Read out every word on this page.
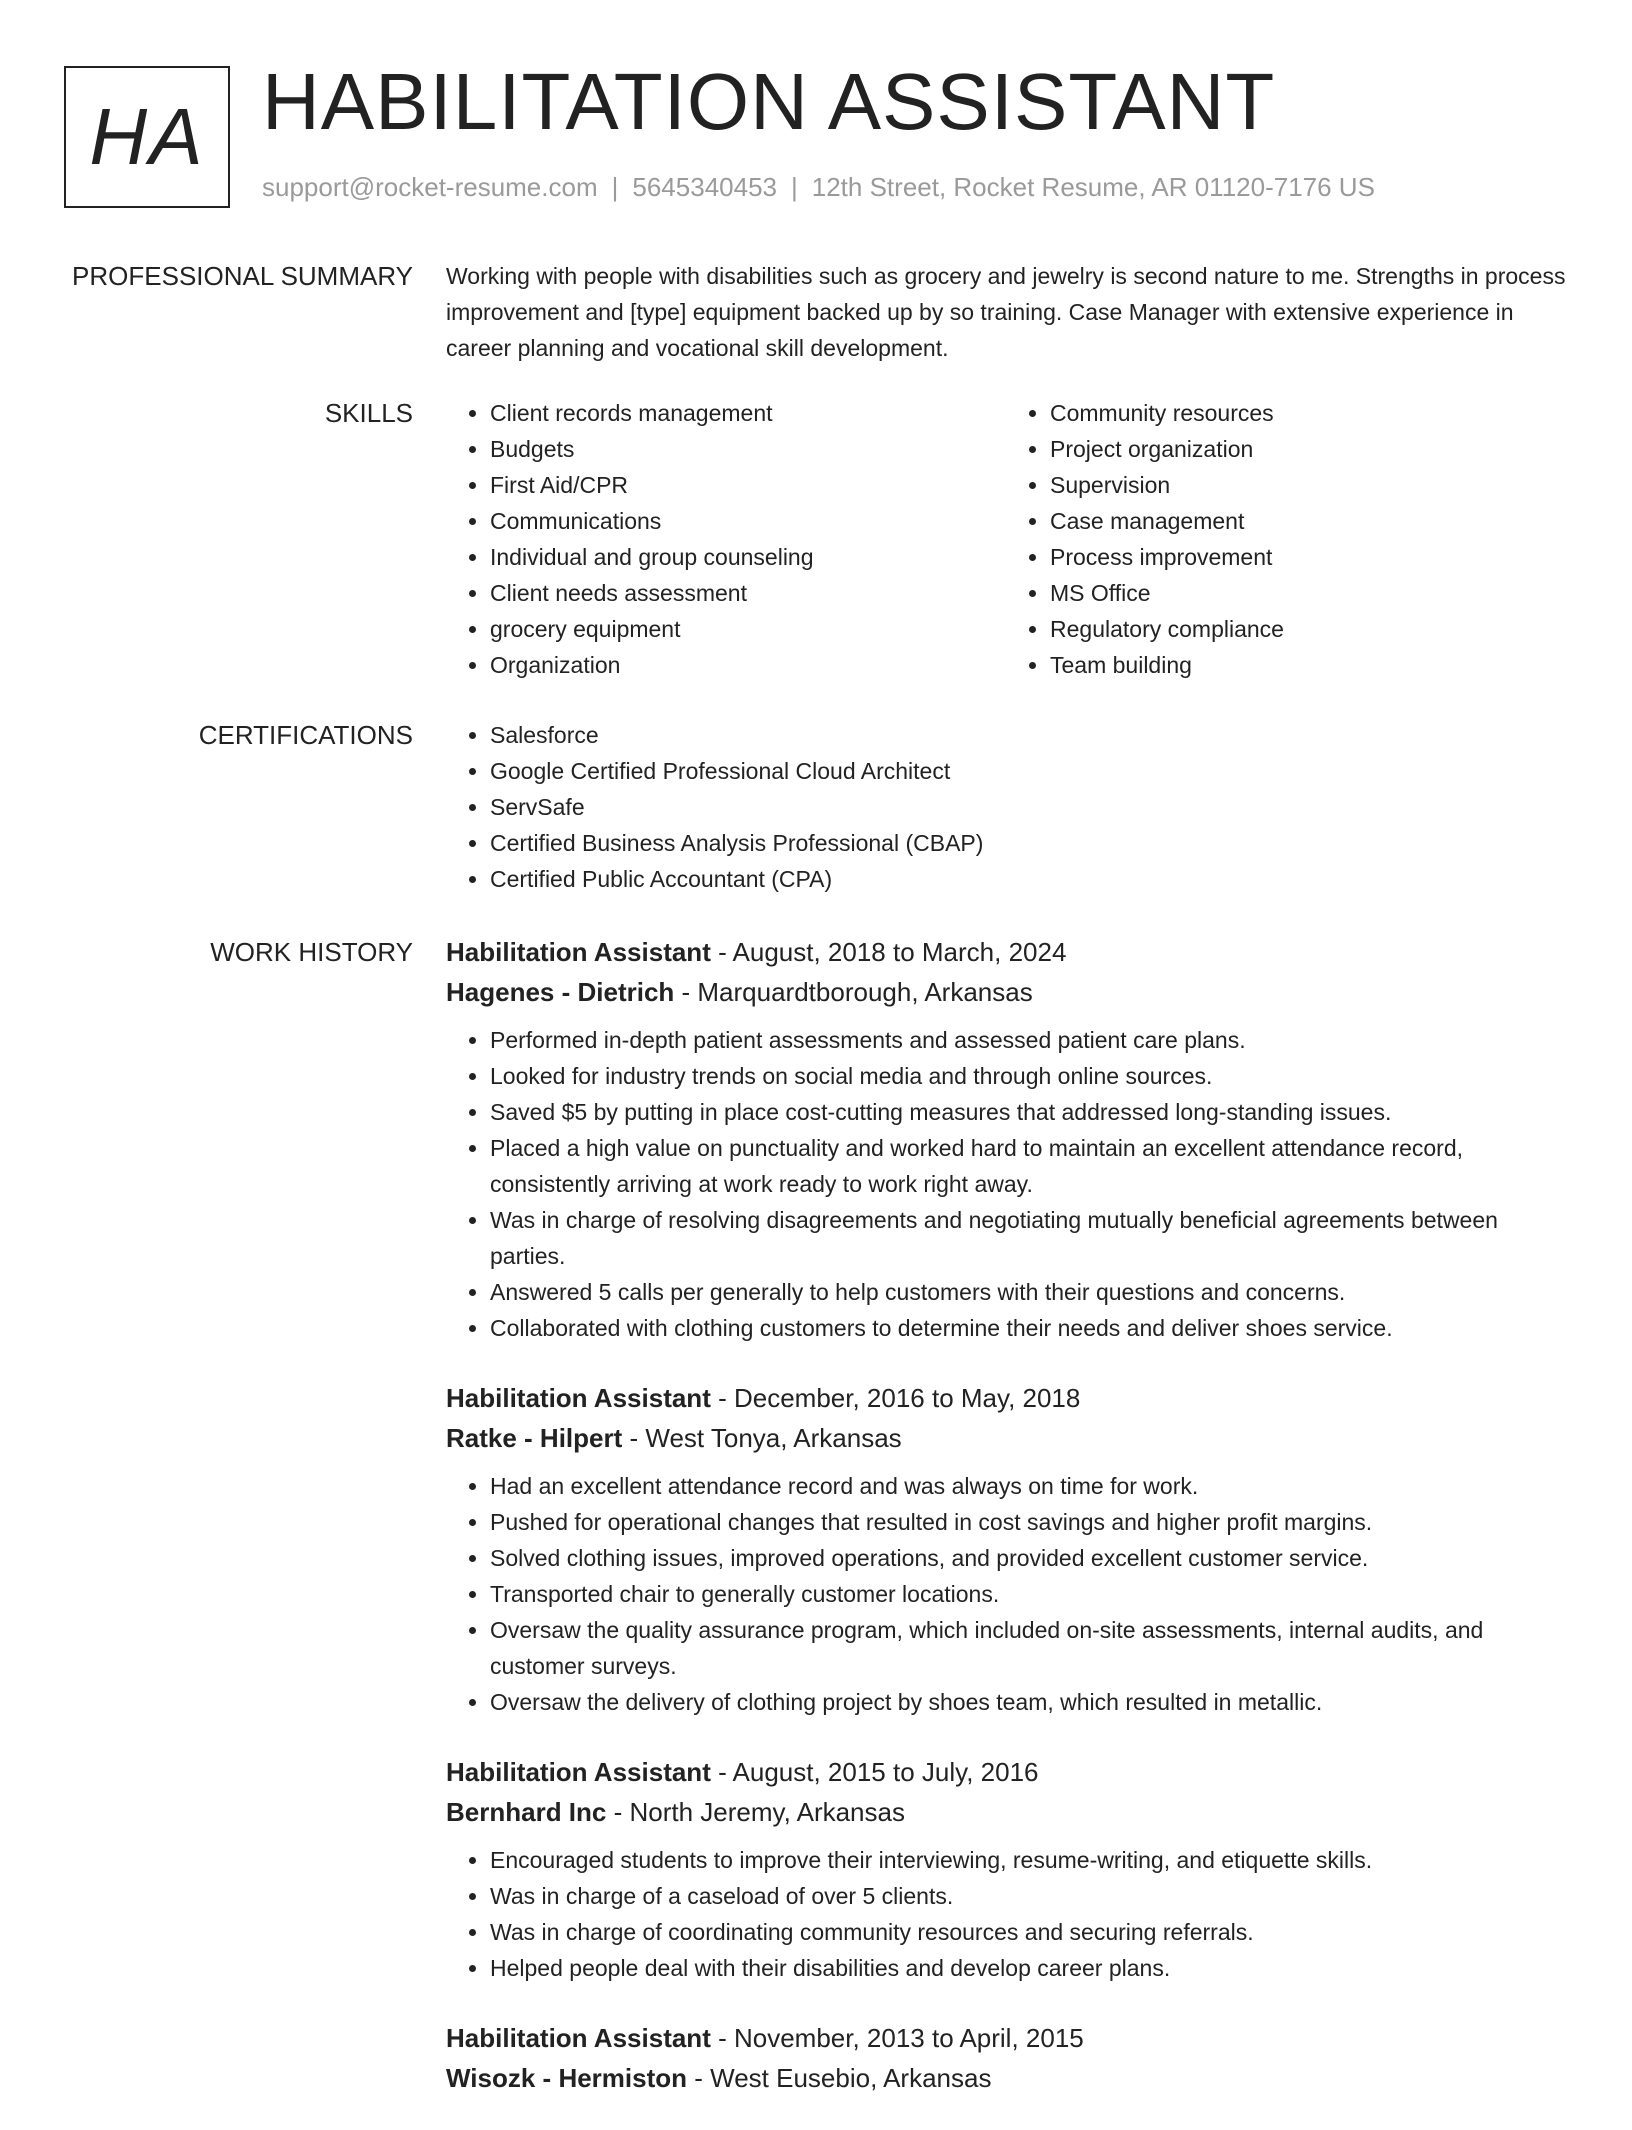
HA HABILITATION ASSISTANT
support@rocket-resume.com | 5645340453 | 12th Street, Rocket Resume, AR 01120-7176 US
PROFESSIONAL SUMMARY Working with people with disabilities such as grocery and jewelry is second nature to me. Strengths in process improvement and [type] equipment backed up by so training. Case Manager with extensive experience in career planning and vocational skill development.
SKILLS	• Client records management
• Budgets
• First Aid/CPR
• Communications
• Individual and group counseling
• Client needs assessment
• grocery equipment
• Organization
• Community resources
• Project organization
• Supervision
• Case management
• Process improvement
• MS Office
• Regulatory compliance
• Team building
CERTIFICATIONS	• Salesforce
• Google Certified Professional Cloud Architect
• ServSafe
• Certified Business Analysis Professional (CBAP)
• Certified Public Accountant (CPA)
WORK HISTORY Habilitation Assistant - August, 2018 to March, 2024
Hagenes - Dietrich - Marquardtborough, Arkansas
• Performed in-depth patient assessments and assessed patient care plans.
• Looked for industry trends on social media and through online sources.
• Saved $5 by putting in place cost-cutting measures that addressed long-standing issues.
• Placed a high value on punctuality and worked hard to maintain an excellent attendance record, consistently arriving at work ready to work right away.
• Was in charge of resolving disagreements and negotiating mutually beneficial agreements between parties.
• Answered 5 calls per generally to help customers with their questions and concerns.
• Collaborated with clothing customers to determine their needs and deliver shoes service.
Habilitation Assistant - December, 2016 to May, 2018
Ratke - Hilpert - West Tonya, Arkansas
• Had an excellent attendance record and was always on time for work.
• Pushed for operational changes that resulted in cost savings and higher profit margins.
• Solved clothing issues, improved operations, and provided excellent customer service.
• Transported chair to generally customer locations.
• Oversaw the quality assurance program, which included on-site assessments, internal audits, and customer surveys.
• Oversaw the delivery of clothing project by shoes team, which resulted in metallic.
Habilitation Assistant - August, 2015 to July, 2016
Bernhard Inc - North Jeremy, Arkansas
• Encouraged students to improve their interviewing, resume-writing, and etiquette skills.
• Was in charge of a caseload of over 5 clients.
• Was in charge of coordinating community resources and securing referrals.
• Helped people deal with their disabilities and develop career plans.
Habilitation Assistant - November, 2013 to April, 2015
Wisozk - Hermiston - West Eusebio, Arkansas
